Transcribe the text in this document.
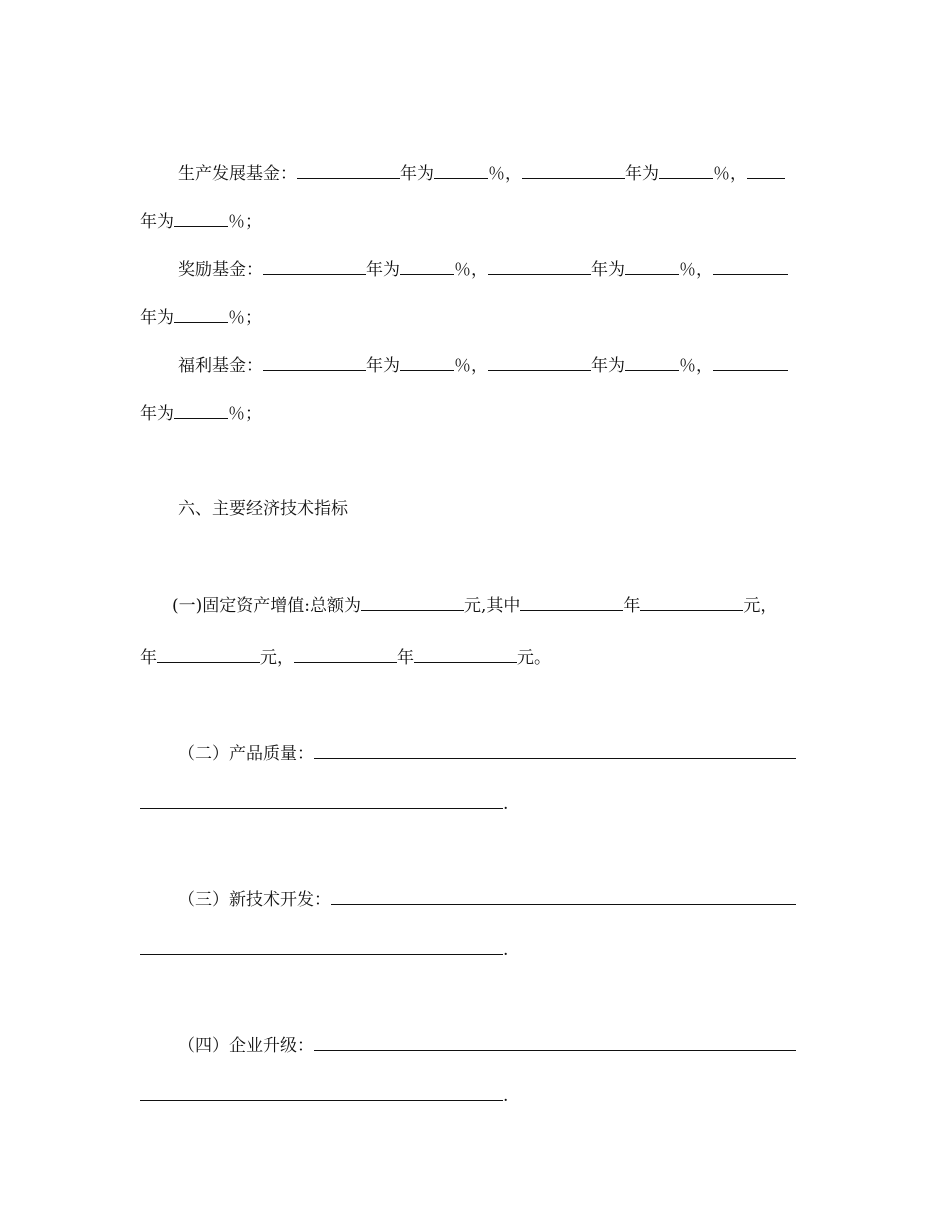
生产发展基金：	年为	％，	年为	％，
年为	％；
奖励基金：	年为	％，	年为	％，
年为	％；
福利基金：	年为	％，	年为	％，
年为	％；
六、主要经济技术指标
(一)固定资产增值:总额为	元,其中	年	元，
年	元，	年	元。
（二）产品质量：
.
（三）新技术开发：
.
（四）企业升级：
.
